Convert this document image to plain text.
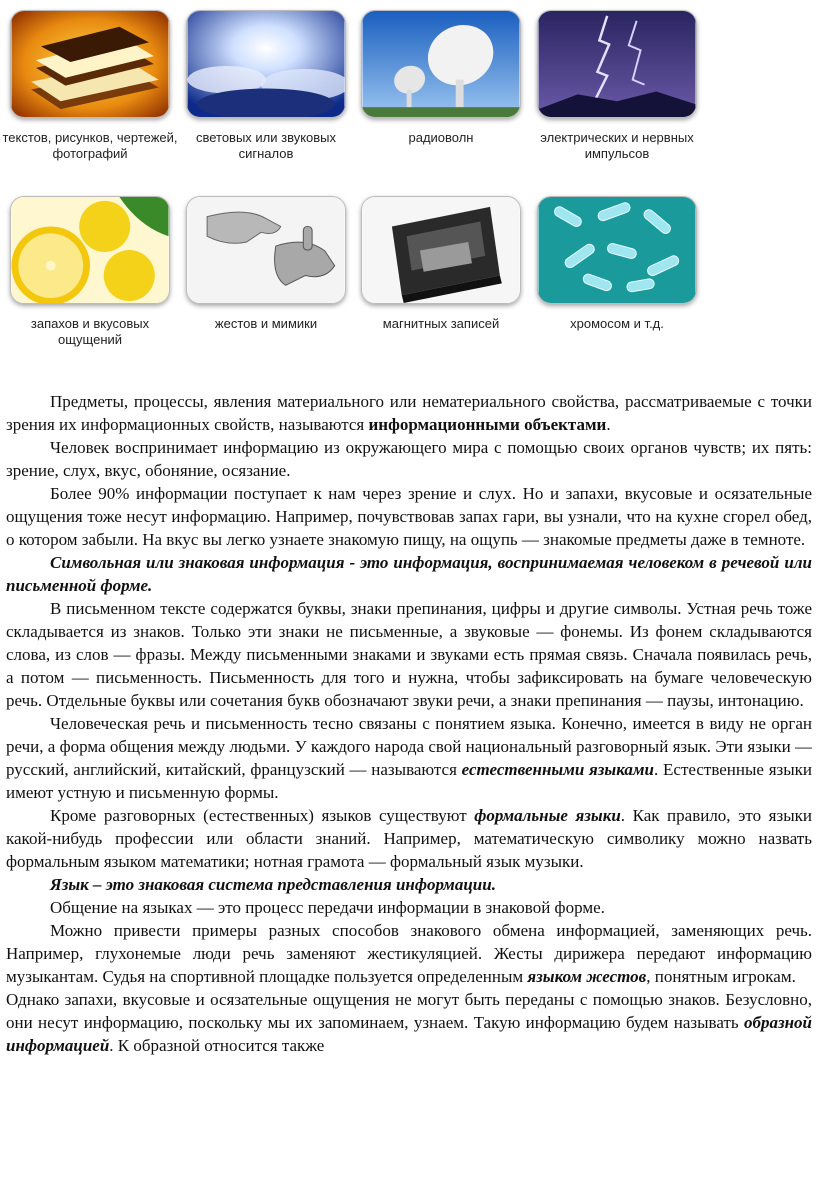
текстов, рисунков, чертежей, фотографий
световых или звуковых сигналов
радиоволн	электрических и нервных импульсов
запахов и вкусовых ощущений
жестов и мимики	магнитных записей	хромосом и т.д.

Предметы, процессы, явления материального или нематериального свойства, рассматриваемые с точки зрения их информационных свойств, называются информационными объектами.

Человек воспринимает информацию из окружающего мира с помощью своих органов чувств; их пять: зрение, слух, вкус, обоняние, осязание.

Более 90% информации поступает к нам через зрение и слух. Но и запахи, вкусовые и осязательные ощущения тоже несут информацию. Например, почувствовав запах гари, вы узнали, что на кухне сгорел обед, о котором забыли. На вкус вы легко узнаете знакомую пищу, на ощупь — знакомые предметы даже в темноте.

Символьная или знаковая информация - это информация, воспринимаемая человеком в речевой или письменной форме.

В письменном тексте содержатся буквы, знаки препинания, цифры и другие символы. Устная речь тоже складывается из знаков. Только эти знаки не письменные, а звуковые — фонемы. Из фонем складываются слова, из слов — фразы. Между письменными знаками и звуками есть прямая связь. Сначала появилась речь, а потом — письменность. Письменность для того и нужна, чтобы зафиксировать на бумаге человеческую речь. Отдельные буквы или сочетания букв обозначают звуки речи, а знаки препинания — паузы, интонацию.

Человеческая речь и письменность тесно связаны с понятием языка. Конечно, имеется в виду не орган речи, а форма общения между людьми. У каждого народа свой национальный разговорный язык. Эти языки — русский, английский, китайский, французский — называются естественными языками. Естественные языки имеют устную и письменную формы.

Кроме разговорных (естественных) языков существуют формальные языки. Как правило, это языки какой-нибудь профессии или области знаний. Например, математическую символику можно назвать формальным языком математики; нотная грамота — формальный язык музыки.

Язык – это знаковая система представления информации.

Общение на языках — это процесс передачи информации в знаковой форме.

Можно привести примеры разных способов знакового обмена информацией, заменяющих речь. Например, глухонемые люди речь заменяют жестикуляцией. Жесты дирижера передают информацию музыкантам. Судья на спортивной площадке пользуется определенным языком жестов, понятным игрокам.

Однако запахи, вкусовые и осязательные ощущения не могут быть переданы с помощью знаков. Безусловно, они несут информацию, поскольку мы их запоминаем, узнаем. Такую информацию будем называть образной информацией. К образной относится также
